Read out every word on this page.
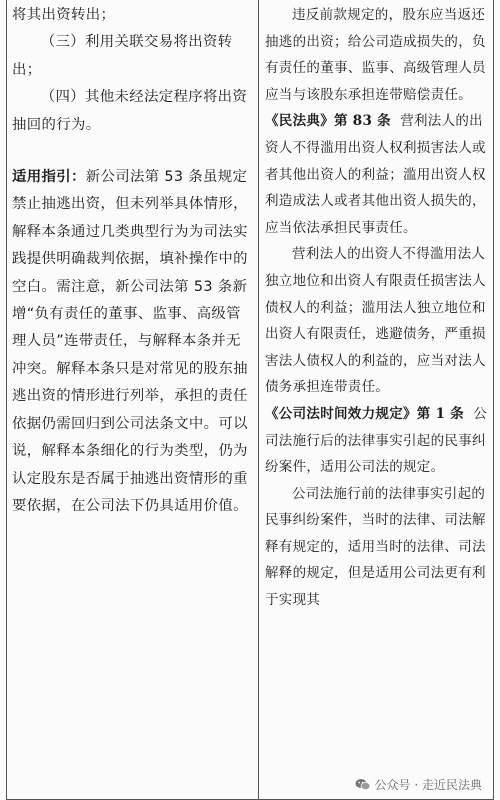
将其出资转出；

（三）利用关联交易将出资转出；

（四）其他未经法定程序将出资抽回的行为。

适用指引：新公司法第 53 条虽规定禁止抽逃出资，但未列举具体情形，解释本条通过几类典型行为为司法实践提供明确裁判依据，填补操作中的空白。需注意，新公司法第 53 条新增“负有责任的董事、监事、高级管理人员”连带责任，与解释本条并无冲突。解释本条只是对常见的股东抽逃出资的情形进行列举，承担的责任依据仍需回归到公司法条文中。可以说，解释本条细化的行为类型，仍为认定股东是否属于抽逃出资情形的重要依据，在公司法下仍具适用价值。

违反前款规定的，股东应当返还抽逃的出资；给公司造成损失的，负有责任的董事、监事、高级管理人员应当与该股东承担连带赔偿责任。

《民法典》第 83 条 营利法人的出资人不得滥用出资人权利损害法人或者其他出资人的利益；滥用出资人权利造成法人或者其他出资人损失的，应当依法承担民事责任。

营利法人的出资人不得滥用法人独立地位和出资人有限责任损害法人债权人的利益；滥用法人独立地位和出资人有限责任，逃避债务，严重损害法人债权人的利益的，应当对法人债务承担连带责任。

《公司法时间效力规定》第 1 条 公司法施行后的法律事实引起的民事纠纷案件，适用公司法的规定。

公司法施行前的法律事实引起的民事纠纷案件，当时的法律、司法解释有规定的，适用当时的法律、司法解释的规定，但是适用公司法更有利于实现其

公众号 · 走近民法典
